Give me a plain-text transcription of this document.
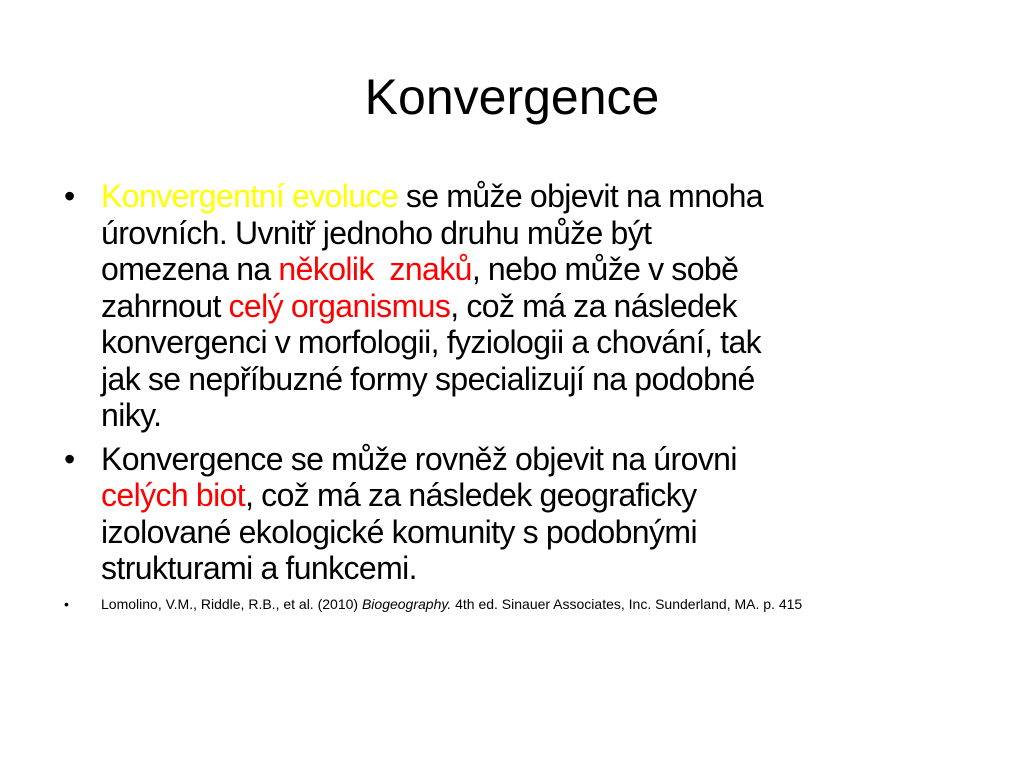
Konvergence
• Konvergentní evoluce se může objevit na mnoha
úrovních. Uvnitř jednoho druhu může být
omezena na několik  znaků, nebo může v sobě
zahrnout celý organismus, což má za následek
konvergenci v morfologii, fyziologii a chování, tak
jak se nepříbuzné formy specializují na podobné
niky.
• Konvergence se může rovněž objevit na úrovni
celých biot, což má za následek geograficky
izolované ekologické komunity s podobnými
strukturami a funkcemi.
• Lomolino, V.M., Riddle, R.B., et al. (2010) Biogeography. 4th ed. Sinauer Associates, Inc. Sunderland, MA. p. 415
